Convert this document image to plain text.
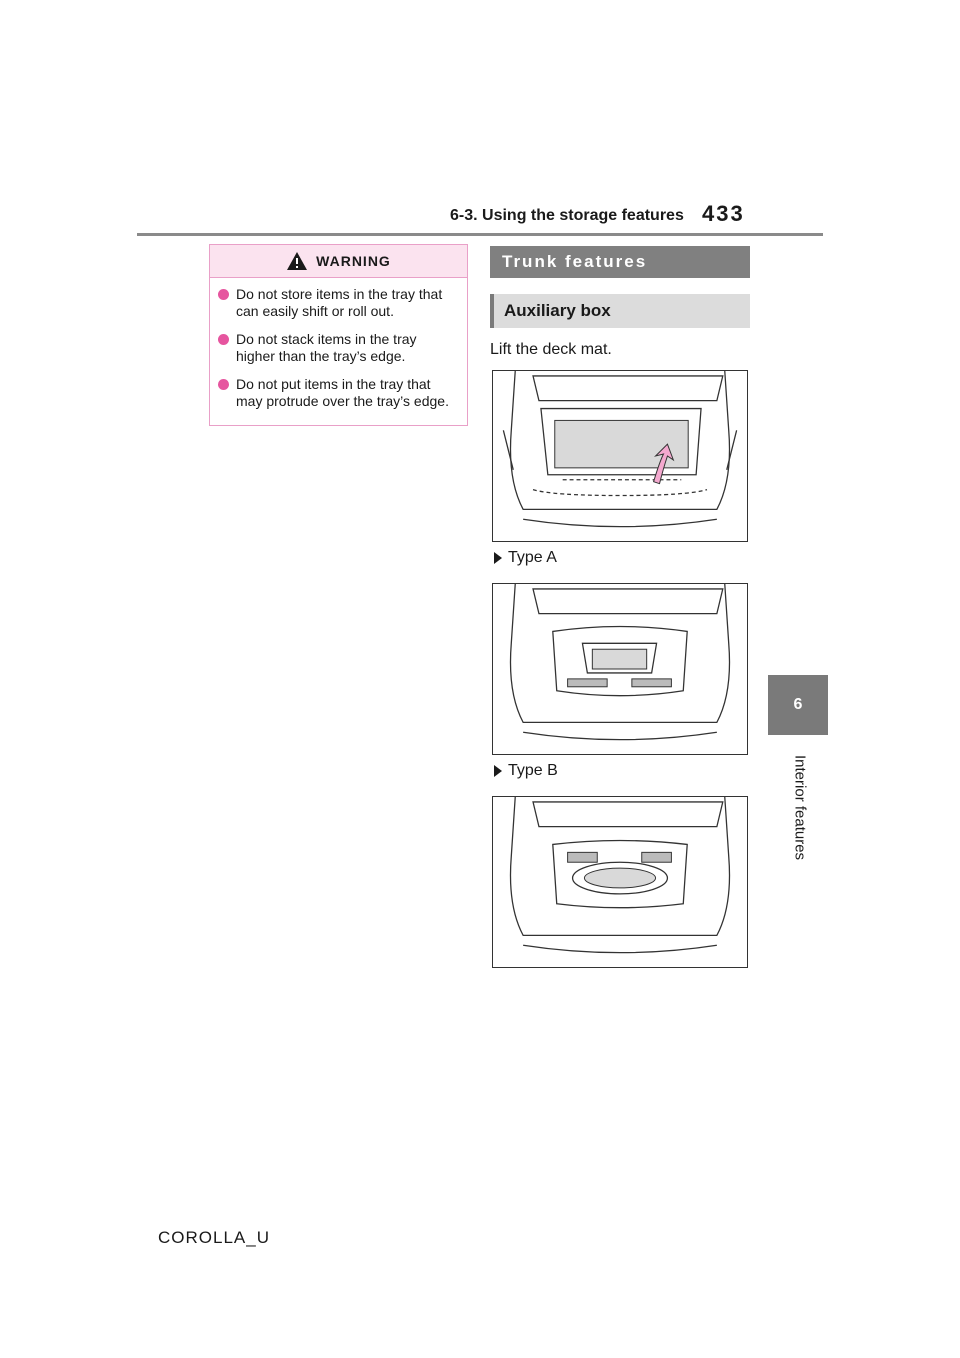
6-3. Using the storage features 433
6
Interior features
WARNING
Do not store items in the tray that can easily shift or roll out.
Do not stack items in the tray higher than the tray’s edge.
Do not put items in the tray that may protrude over the tray’s edge.
Trunk features
Auxiliary box
Lift the deck mat.
Type A
Type B
COROLLA_U
